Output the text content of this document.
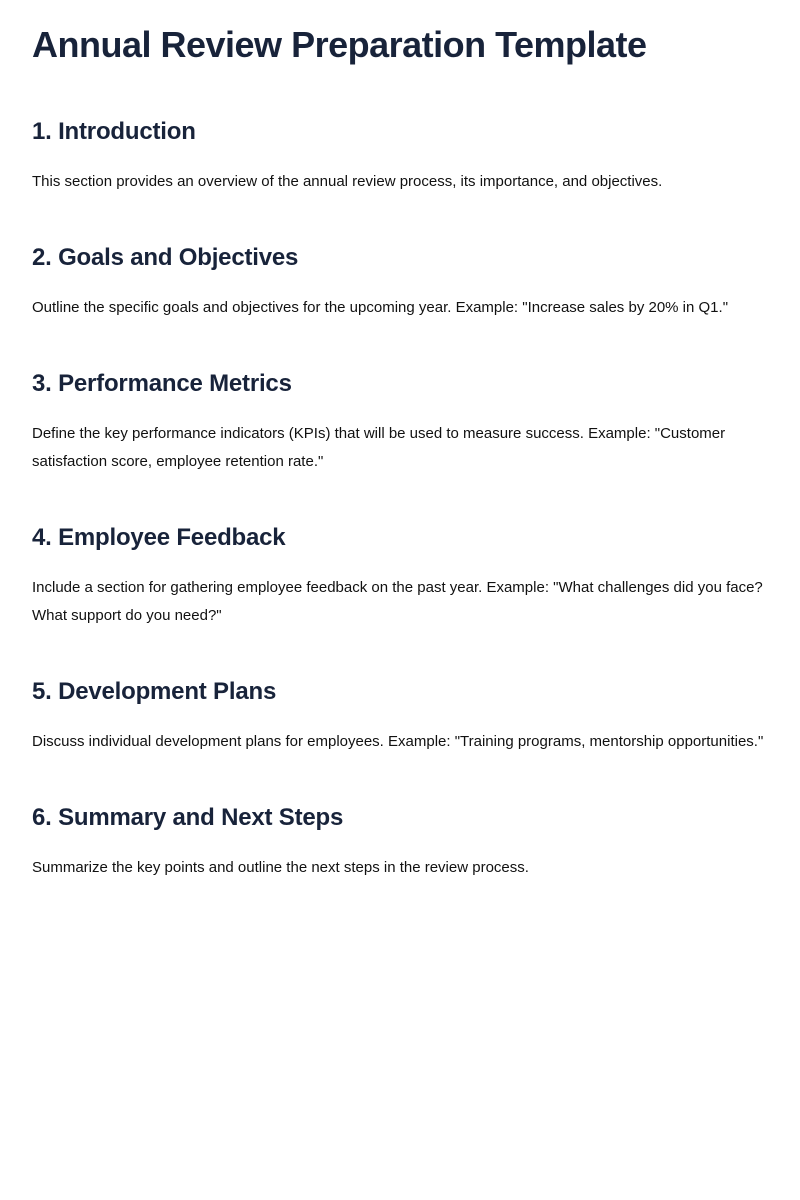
Annual Review Preparation Template
1. Introduction

This section provides an overview of the annual review process, its importance, and objectives.

2. Goals and Objectives

Outline the specific goals and objectives for the upcoming year. Example: "Increase sales by 20% in Q1."

3. Performance Metrics

Define the key performance indicators (KPIs) that will be used to measure success. Example: "Customer satisfaction score, employee retention rate."

4. Employee Feedback

Include a section for gathering employee feedback on the past year. Example: "What challenges did you face? What support do you need?"

5. Development Plans

Discuss individual development plans for employees. Example: "Training programs, mentorship opportunities."

6. Summary and Next Steps

Summarize the key points and outline the next steps in the review process.
